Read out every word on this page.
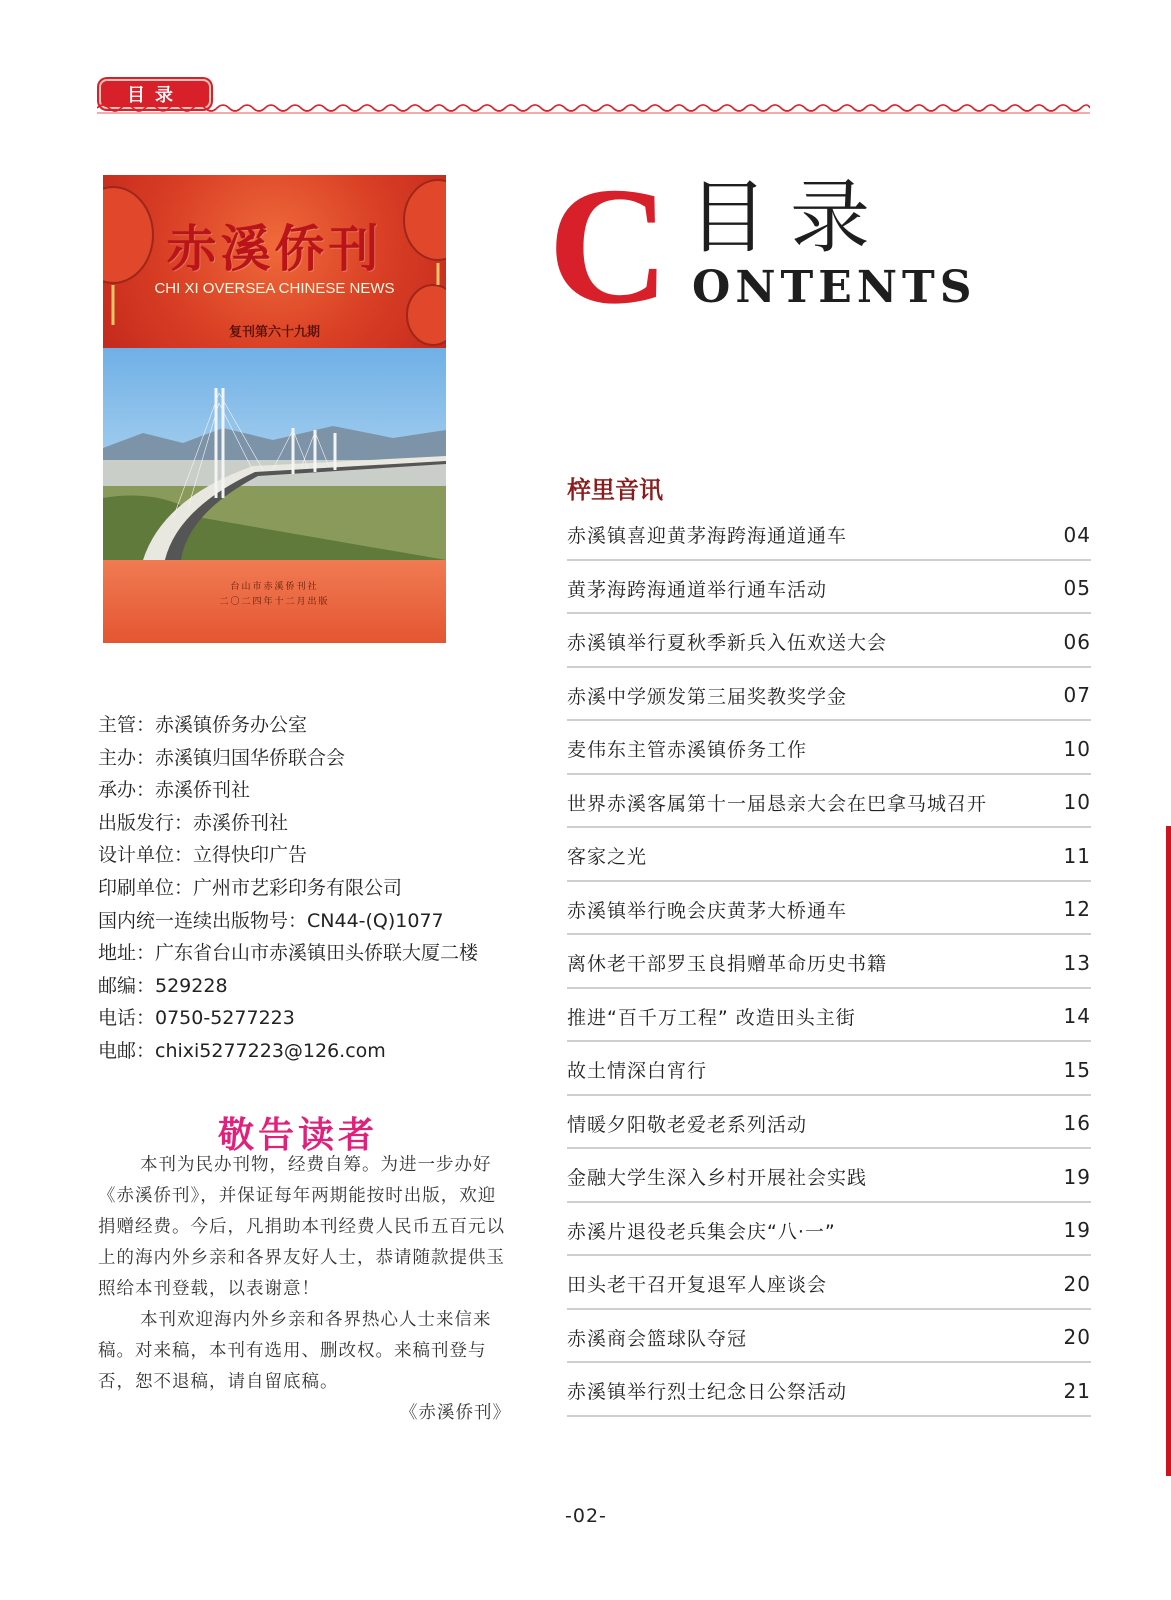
目录
赤溪侨刊
CHI XI OVERSEA CHINESE NEWS
复刊第六十九期
台山市赤溪侨刊社
二〇二四年十二月出版
C 目录
ONTENTS
梓里音讯
赤溪镇喜迎黄茅海跨海通道通车	04
黄茅海跨海通道举行通车活动	05
赤溪镇举行夏秋季新兵入伍欢送大会	06
赤溪中学颁发第三届奖教奖学金	07
麦伟东主管赤溪镇侨务工作	10
世界赤溪客属第十一届恳亲大会在巴拿马城召开	10
客家之光	11
赤溪镇举行晚会庆黄茅大桥通车	12
离休老干部罗玉良捐赠革命历史书籍	13
推进“百千万工程” 改造田头主街	14
故土情深白宵行	15
情暖夕阳敬老爱老系列活动	16
金融大学生深入乡村开展社会实践	19
赤溪片退役老兵集会庆“八·一”	19
田头老干召开复退军人座谈会	20
赤溪商会篮球队夺冠	20
赤溪镇举行烈士纪念日公祭活动	21
主管：赤溪镇侨务办公室
主办：赤溪镇归国华侨联合会
承办：赤溪侨刊社
出版发行：赤溪侨刊社
设计单位：立得快印广告
印刷单位：广州市艺彩印务有限公司
国内统一连续出版物号：CN44-(Q)1077
地址：广东省台山市赤溪镇田头侨联大厦二楼
邮编：529228
电话：0750-5277223
电邮：chixi5277223@126.com
敬告读者

本刊为民办刊物，经费自筹。为进一步办好《赤溪侨刊》，并保证每年两期能按时出版，欢迎捐赠经费。今后，凡捐助本刊经费人民币五百元以上的海内外乡亲和各界友好人士，恭请随款提供玉照给本刊登载，以表谢意！

本刊欢迎海内外乡亲和各界热心人士来信来稿。对来稿，本刊有选用、删改权。来稿刊登与否，恕不退稿，请自留底稿。

《赤溪侨刊》

-02-
